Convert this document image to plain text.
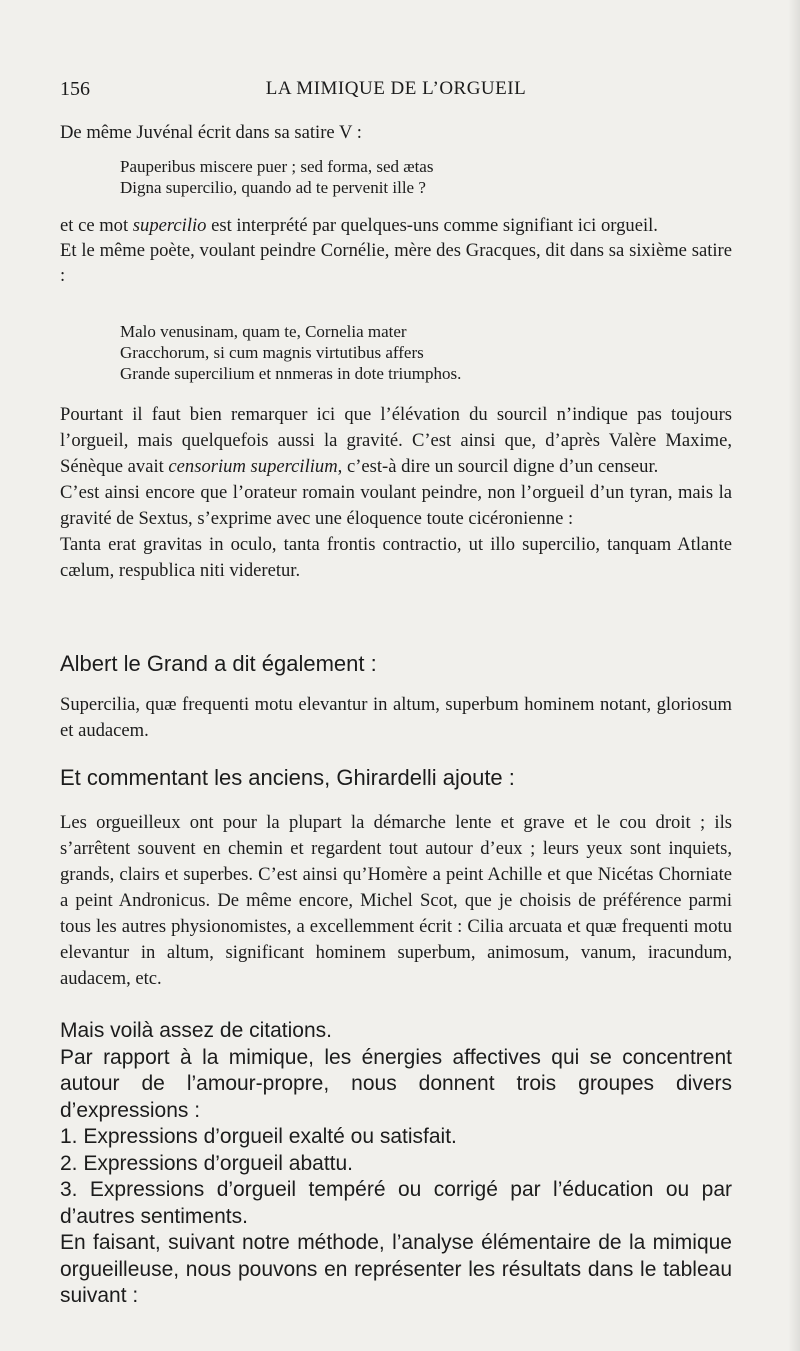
156	LA MIMIQUE DE L’ORGUEIL

De même Juvénal écrit dans sa satire V :

Pauperibus miscere puer ; sed forma, sed ætas
Digna supercilio, quando ad te pervenit ille ?

et ce mot supercilio est interprété par quelques-uns comme signifiant ici orgueil.

Et le même poète, voulant peindre Cornélie, mère des Gracques, dit dans sa sixième satire :

Malo venusinam, quam te, Cornelia mater
Gracchorum, si cum magnis virtutibus affers
Grande supercilium et nnmeras in dote triumphos.

Pourtant il faut bien remarquer ici que l’élévation du sourcil n’indique pas toujours l’orgueil, mais quelquefois aussi la gravité. C’est ainsi que, d’après Valère Maxime, Sénèque avait censorium supercilium, c’est-à dire un sourcil digne d’un censeur.

C’est ainsi encore que l’orateur romain voulant peindre, non l’orgueil d’un tyran, mais la gravité de Sextus, s’exprime avec une éloquence toute cicéronienne :

Tanta erat gravitas in oculo, tanta frontis contractio, ut illo supercilio, tanquam Atlante cælum, respublica niti videretur.

Albert le Grand a dit également :

Supercilia, quæ frequenti motu elevantur in altum, superbum hominem notant, gloriosum et audacem.

Et commentant les anciens, Ghirardelli ajoute :

Les orgueilleux ont pour la plupart la démarche lente et grave et le cou droit ; ils s’arrêtent souvent en chemin et regardent tout autour d’eux ; leurs yeux sont inquiets, grands, clairs et superbes. C’est ainsi qu’Homère a peint Achille et que Nicétas Chorniate a peint Andronicus. De même encore, Michel Scot, que je choisis de préférence parmi tous les autres physionomistes, a excellemment écrit : Cilia arcuata et quæ frequenti motu elevantur in altum, significant hominem superbum, animosum, vanum, iracundum, audacem, etc.

Mais voilà assez de citations.

Par rapport à la mimique, les énergies affectives qui se concentrent autour de l’amour-propre, nous donnent trois groupes divers d’expressions :

1. Expressions d’orgueil exalté ou satisfait.

2. Expressions d’orgueil abattu.

3. Expressions d’orgueil tempéré ou corrigé par l’éducation ou par d’autres sentiments.

En faisant, suivant notre méthode, l’analyse élémentaire de la mimique orgueilleuse, nous pouvons en représenter les résultats dans le tableau suivant :
